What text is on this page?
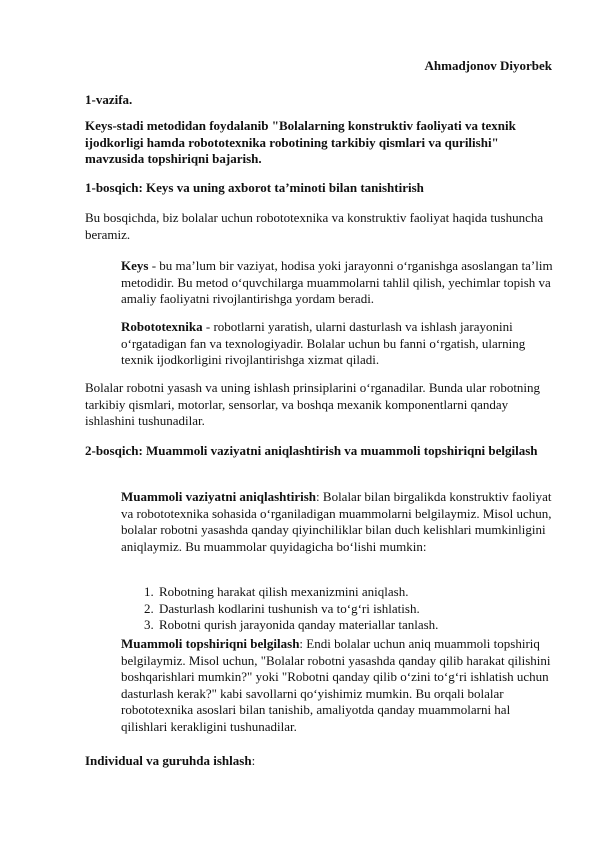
Ahmadjonov Diyorbek

1-vazifa.

Keys-stadi metodidan foydalanib "Bolalarning konstruktiv faoliyati va texnik ijodkorligi hamda robototexnika robotining tarkibiy qismlari va qurilishi" mavzusida topshiriqni bajarish.

1-bosqich: Keys va uning axborot ta’minoti bilan tanishtirish

Bu bosqichda, biz bolalar uchun robototexnika va konstruktiv faoliyat haqida tushuncha beramiz.

Keys - bu ma’lum bir vaziyat, hodisa yoki jarayonni o‘rganishga asoslangan ta’lim metodidir. Bu metod o‘quvchilarga muammolarni tahlil qilish, yechimlar topish va amaliy faoliyatni rivojlantirishga yordam beradi.

Robototexnika - robotlarni yaratish, ularni dasturlash va ishlash jarayonini o‘rgatadigan fan va texnologiyadir. Bolalar uchun bu fanni o‘rgatish, ularning texnik ijodkorligini rivojlantirishga xizmat qiladi.

Bolalar robotni yasash va uning ishlash prinsiplarini o‘rganadilar. Bunda ular robotning tarkibiy qismlari, motorlar, sensorlar, va boshqa mexanik komponentlarni qanday ishlashini tushunadilar.

2-bosqich: Muammoli vaziyatni aniqlashtirish va muammoli topshiriqni belgilash

Muammoli vaziyatni aniqlashtirish: Bolalar bilan birgalikda konstruktiv faoliyat va robototexnika sohasida o‘rganiladigan muammolarni belgilaymiz. Misol uchun, bolalar robotni yasashda qanday qiyinchiliklar bilan duch kelishlari mumkinligini aniqlaymiz. Bu muammolar quyidagicha bo‘lishi mumkin:

1. Robotning harakat qilish mexanizmini aniqlash.
2. Dasturlash kodlarini tushunish va to‘g‘ri ishlatish.
3. Robotni qurish jarayonida qanday materiallar tanlash.

Muammoli topshiriqni belgilash: Endi bolalar uchun aniq muammoli topshiriq belgilaymiz. Misol uchun, "Bolalar robotni yasashda qanday qilib harakat qilishini boshqarishlari mumkin?" yoki "Robotni qanday qilib o‘zini to‘g‘ri ishlatish uchun dasturlash kerak?" kabi savollarni qo‘yishimiz mumkin. Bu orqali bolalar robototexnika asoslari bilan tanishib, amaliyotda qanday muammolarni hal qilishlari kerakligini tushunadilar.

Individual va guruhda ishlash:
